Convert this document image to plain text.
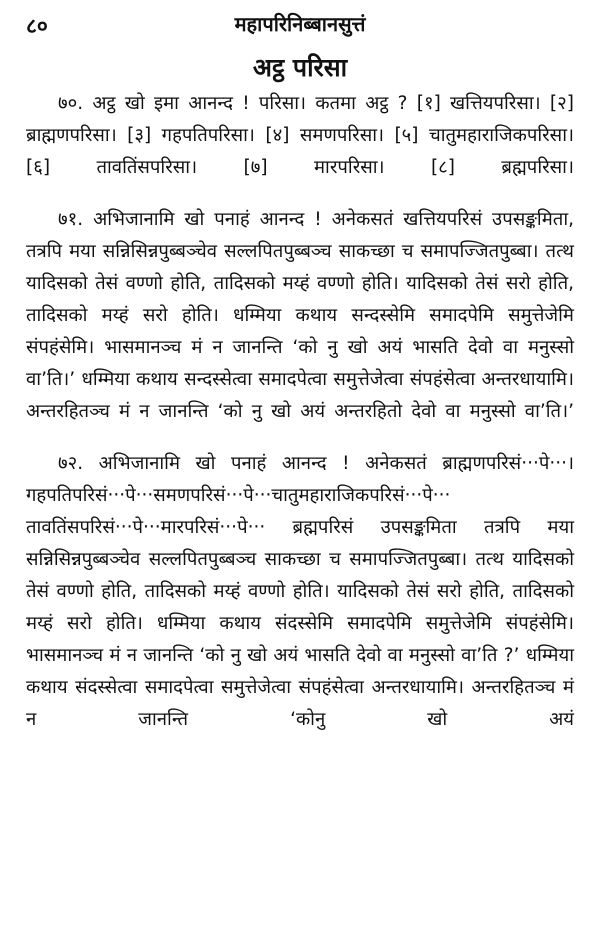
८०	महापरिनिब्बानसुत्तं
अट्ठ परिसा

७०. अट्ठ खो इमा आनन्द ! परिसा। कतमा अट्ठ ? [१] खत्तियपरिसा। [२] ब्राह्मणपरिसा। [३] गहपतिपरिसा। [४] समणपरिसा। [५] चातुमहाराजिकपरिसा। [६] तावतिंसपरिसा। [७] मारपरिसा। [८] ब्रह्मपरिसा।

७१. अभिजानामि खो पनाहं आनन्द ! अनेकसतं खत्तियपरिसं उपसङ्कमिता, तत्रपि मया सन्निसिन्नपुब्बञ्चेव सल्लपितपुब्बञ्च साकच्छा च समापज्जितपुब्बा। तत्थ यादिसको तेसं वण्णो होति, तादिसको मय्हं वण्णो होति। यादिसको तेसं सरो होति, तादिसको मय्हं सरो होति। धम्मिया कथाय सन्दस्सेमि समादपेमि समुत्तेजेमि संपहंसेमि। भासमानञ्च मं न जानन्ति ‘को नु खो अयं भासति देवो वा मनुस्सो वा’ति।’ धम्मिया कथाय सन्दस्सेत्वा समादपेत्वा समुत्तेजेत्वा संपहंसेत्वा अन्तरधायामि। अन्तरहितञ्च मं न जानन्ति ‘को नु खो अयं अन्तरहितो देवो वा मनुस्सो वा’ति।’

७२. अभिजानामि खो पनाहं आनन्द ! अनेकसतं ब्राह्मणपरिसं···पे···। गहपतिपरिसं···पे···समणपरिसं···पे···चातुमहाराजिकपरिसं···पे··· तावतिंसपरिसं···पे···मारपरिसं···पे··· ब्रह्मपरिसं उपसङ्कमिता तत्रपि मया सन्निसिन्नपुब्बञ्चेव सल्लपितपुब्बञ्च साकच्छा च समापज्जितपुब्बा। तत्थ यादिसको तेसं वण्णो होति, तादिसको मय्हं वण्णो होति। यादिसको तेसं सरो होति, तादिसको मय्हं सरो होति। धम्मिया कथाय संदस्सेमि समादपेमि समुत्तेजेमि संपहंसेमि। भासमानञ्च मं न जानन्ति ‘को नु खो अयं भासति देवो वा मनुस्सो वा’ति ?’ धम्मिया कथाय संदस्सेत्वा समादपेत्वा समुत्तेजेत्वा संपहंसेत्वा अन्तरधायामि। अन्तरहितञ्च मं न जानन्ति ‘कोनु खो अयं
